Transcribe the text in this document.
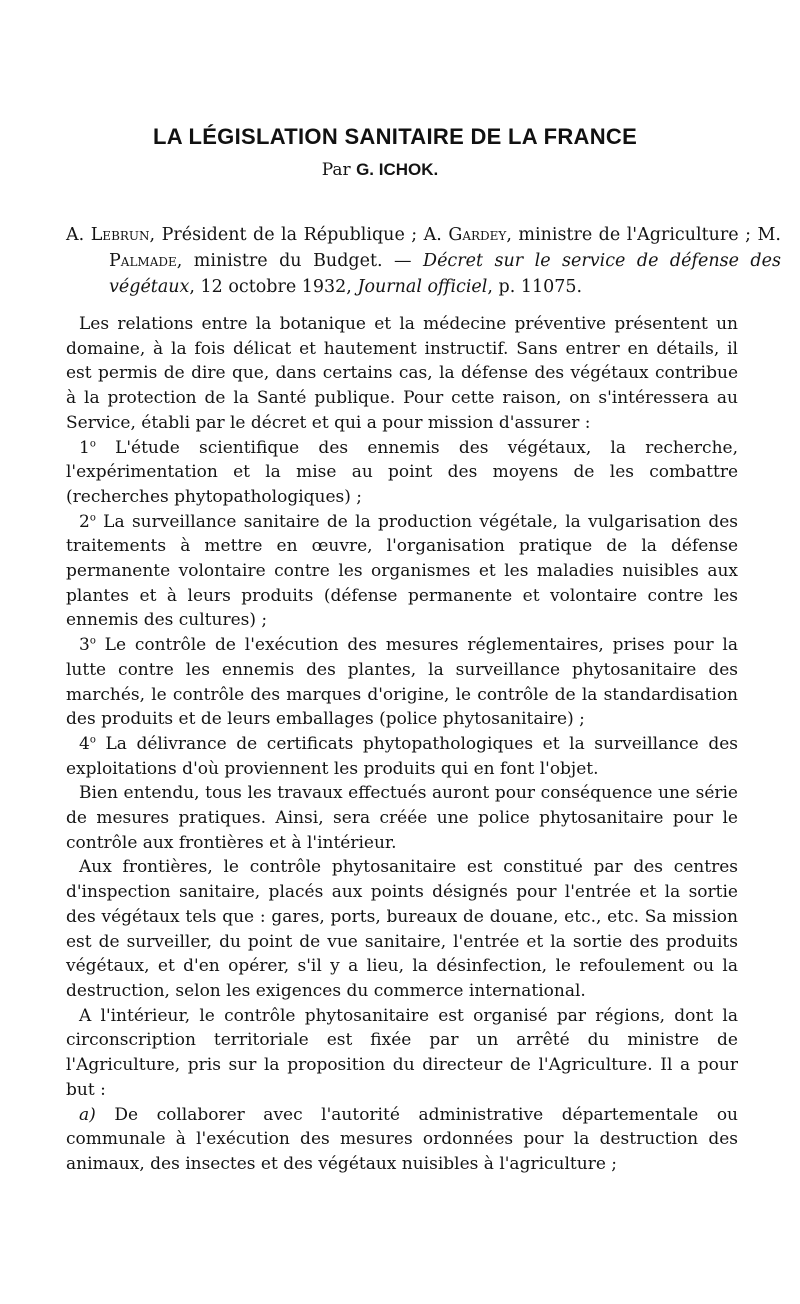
LA LÉGISLATION SANITAIRE DE LA FRANCE
Par G. ICHOK.

A. Lebrun, Président de la République ; A. Gardey, ministre de l'Agriculture ; M. Palmade, ministre du Budget. — Décret sur le service de défense des végétaux, 12 octobre 1932, Journal officiel, p. 11075.

Les relations entre la botanique et la médecine préventive présentent un domaine, à la fois délicat et hautement instructif. Sans entrer en détails, il est permis de dire que, dans certains cas, la défense des végétaux contribue à la protection de la Santé publique. Pour cette raison, on s'intéressera au Service, établi par le décret et qui a pour mission d'assurer :

1$^o$ L'étude scientifique des ennemis des végétaux, la recherche, l'expérimentation et la mise au point des moyens de les combattre (recherches phytopathologiques) ;

2$^o$ La surveillance sanitaire de la production végétale, la vulgarisation des traitements à mettre en œuvre, l'organisation pratique de la défense permanente volontaire contre les organismes et les maladies nuisibles aux plantes et à leurs produits (défense permanente et volontaire contre les ennemis des cultures) ;

3$^o$ Le contrôle de l'exécution des mesures réglementaires, prises pour la lutte contre les ennemis des plantes, la surveillance phytosanitaire des marchés, le contrôle des marques d'origine, le contrôle de la standardisation des produits et de leurs emballages (police phytosanitaire) ;

4$^o$ La délivrance de certificats phytopathologiques et la surveillance des exploitations d'où proviennent les produits qui en font l'objet.

Bien entendu, tous les travaux effectués auront pour conséquence une série de mesures pratiques. Ainsi, sera créée une police phytosanitaire pour le contrôle aux frontières et à l'intérieur.

Aux frontières, le contrôle phytosanitaire est constitué par des centres d'inspection sanitaire, placés aux points désignés pour l'entrée et la sortie des végétaux tels que : gares, ports, bureaux de douane, etc., etc. Sa mission est de surveiller, du point de vue sanitaire, l'entrée et la sortie des produits végétaux, et d'en opérer, s'il y a lieu, la désinfection, le refoulement ou la destruction, selon les exigences du commerce international.

A l'intérieur, le contrôle phytosanitaire est organisé par régions, dont la circonscription territoriale est fixée par un arrêté du ministre de l'Agriculture, pris sur la proposition du directeur de l'Agriculture. Il a pour but :

a) De collaborer avec l'autorité administrative départementale ou communale à l'exécution des mesures ordonnées pour la destruction des animaux, des insectes et des végétaux nuisibles à l'agriculture ;
